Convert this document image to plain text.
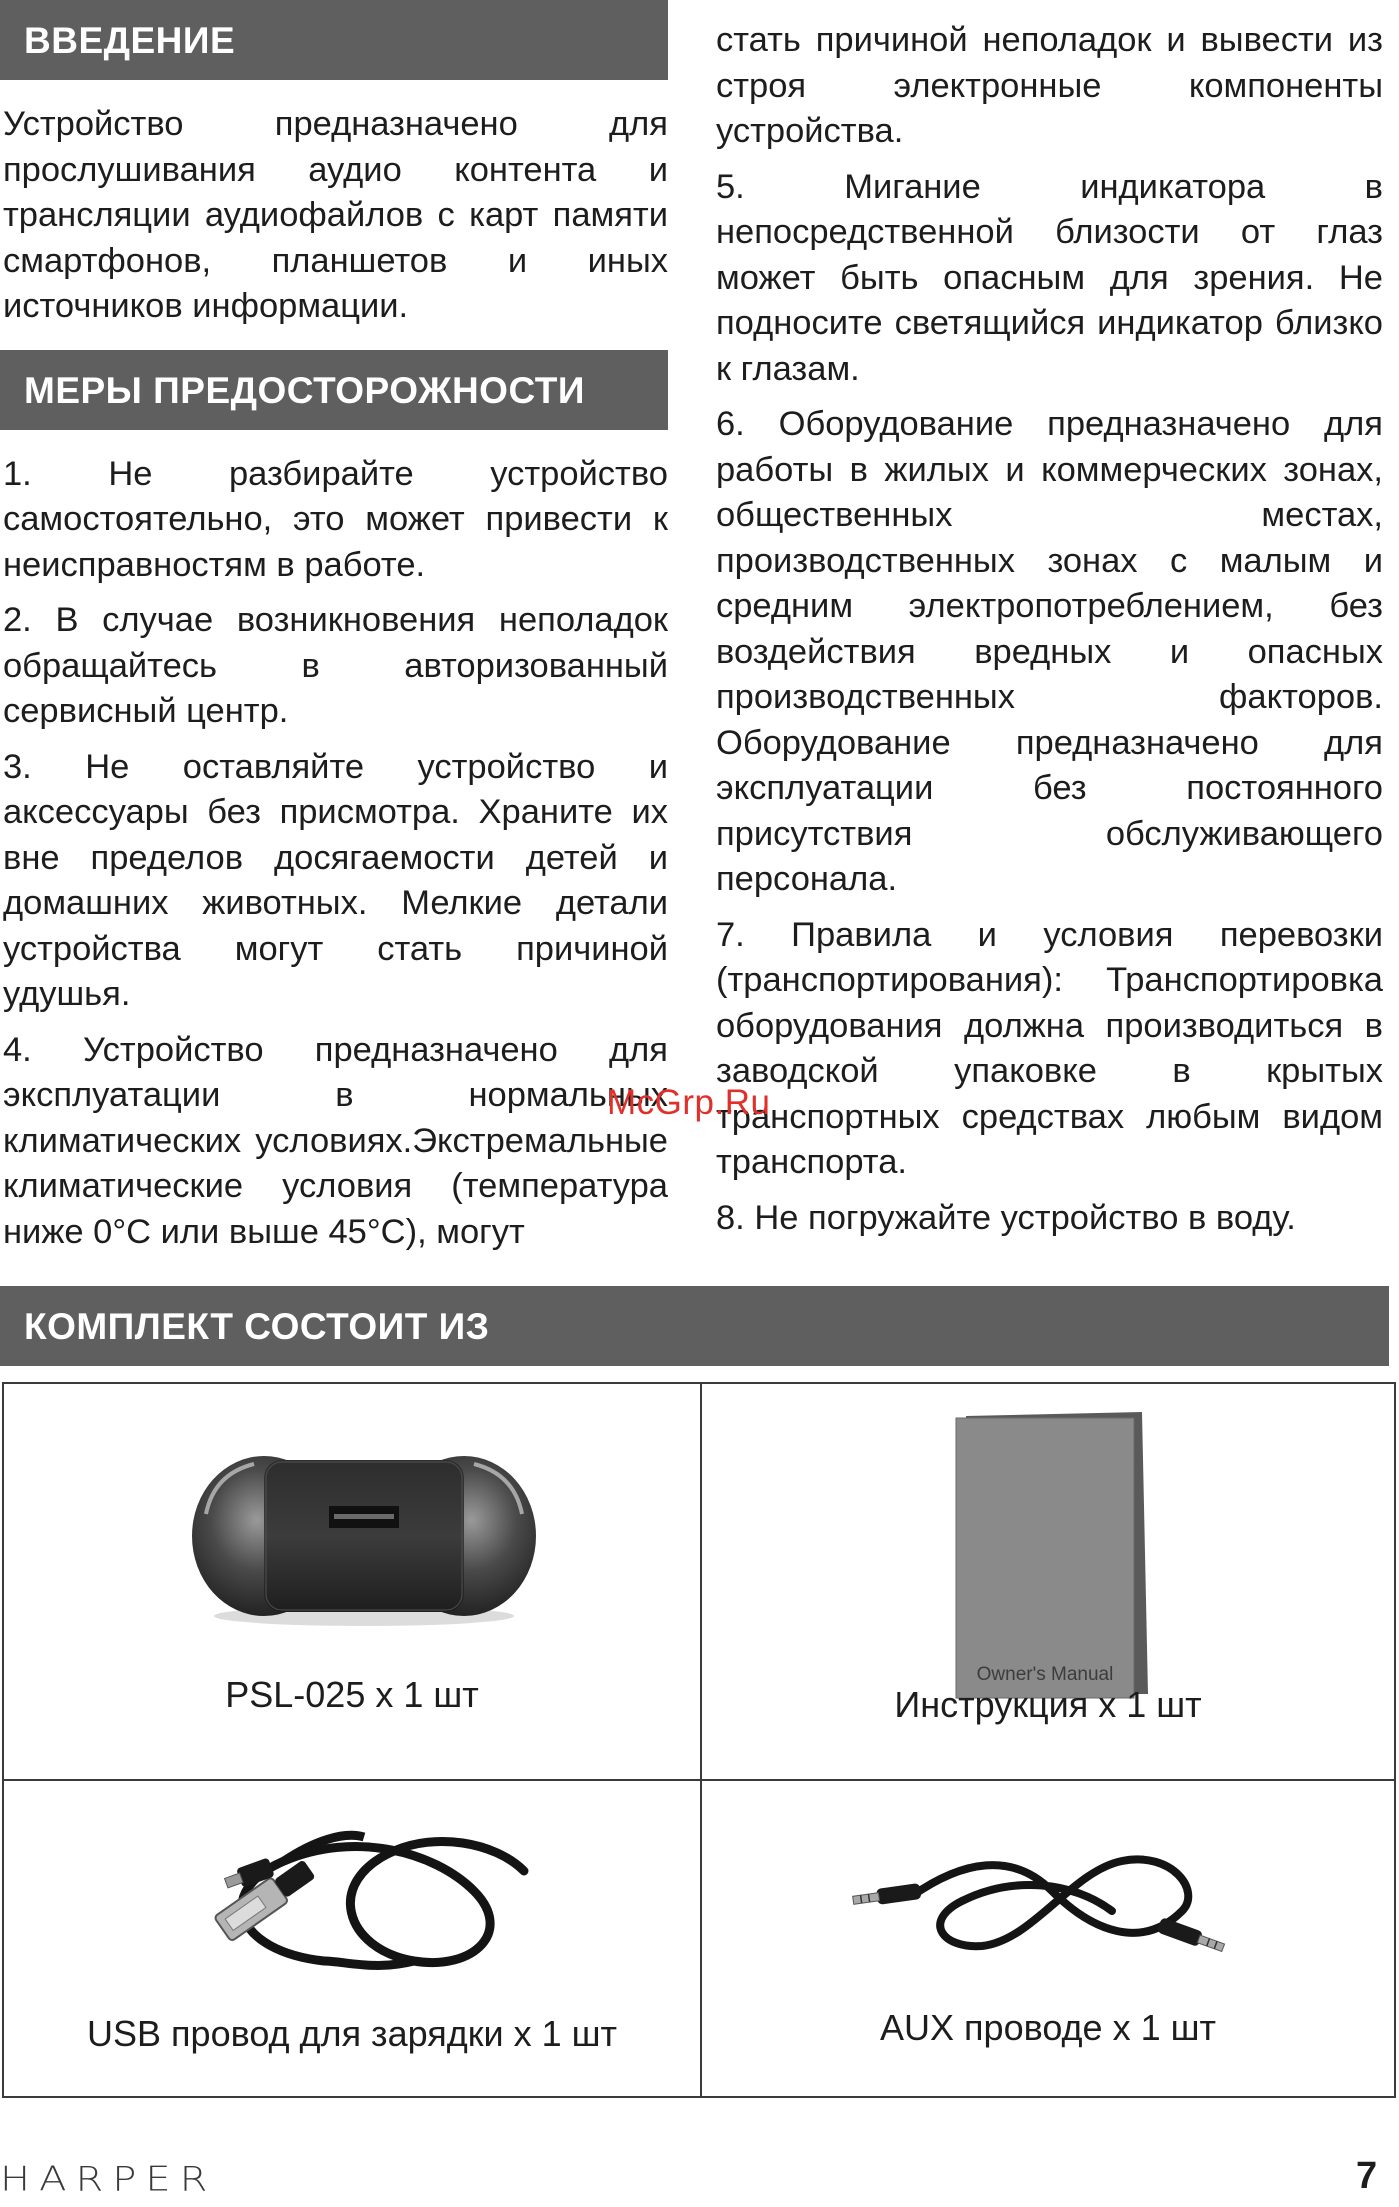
ВВЕДЕНИЕ

Устройство предназначено для прослушивания аудио контента и трансляции аудиофайлов с карт памяти смартфонов, планшетов и иных источников информации.

МЕРЫ ПРЕДОСТОРОЖНОСТИ

1. Не разбирайте устройство самостоятельно, это может привести к неисправностям в работе.

2. В случае возникновения неполадок обращайтесь в авторизованный сервисный центр.

3. Не оставляйте устройство и аксессуары без присмотра. Храните их вне пределов досягаемости детей и домашних животных. Мелкие детали устройства могут стать причиной удушья.

4. Устройство предназначено для эксплуатации в нормальных климатических условиях.Экстремальные климатические условия (температура ниже 0°C или выше 45°C), могут

стать причиной неполадок и вывести из строя электронные компоненты устройства.

5. Мигание индикатора в непосредственной близости от глаз может быть опасным для зрения. Не подносите светящийся индикатор близко к глазам.

6. Оборудование предназначено для работы в жилых и коммерческих зонах, общественных местах, производственных зонах с малым и средним электропотреблением, без воздействия вредных и опасных производственных факторов. Оборудование предназначено для эксплуатации без постоянного присутствия обслуживающего персонала.

7. Правила и условия перевозки (транспортирования): Транспортировка оборудования должна производиться в заводской упаковке в крытых транспортных средствах любым видом транспорта.

8. Не погружайте устройство в воду.

McGrp.Ru
КОМПЛЕКТ СОСТОИТ ИЗ
PSL-025 х 1 шт	Owner's Manual
Инструкция х 1 шт
USB провод для зарядки х 1 шт	AUX проводе х 1 шт
HARPER	7
